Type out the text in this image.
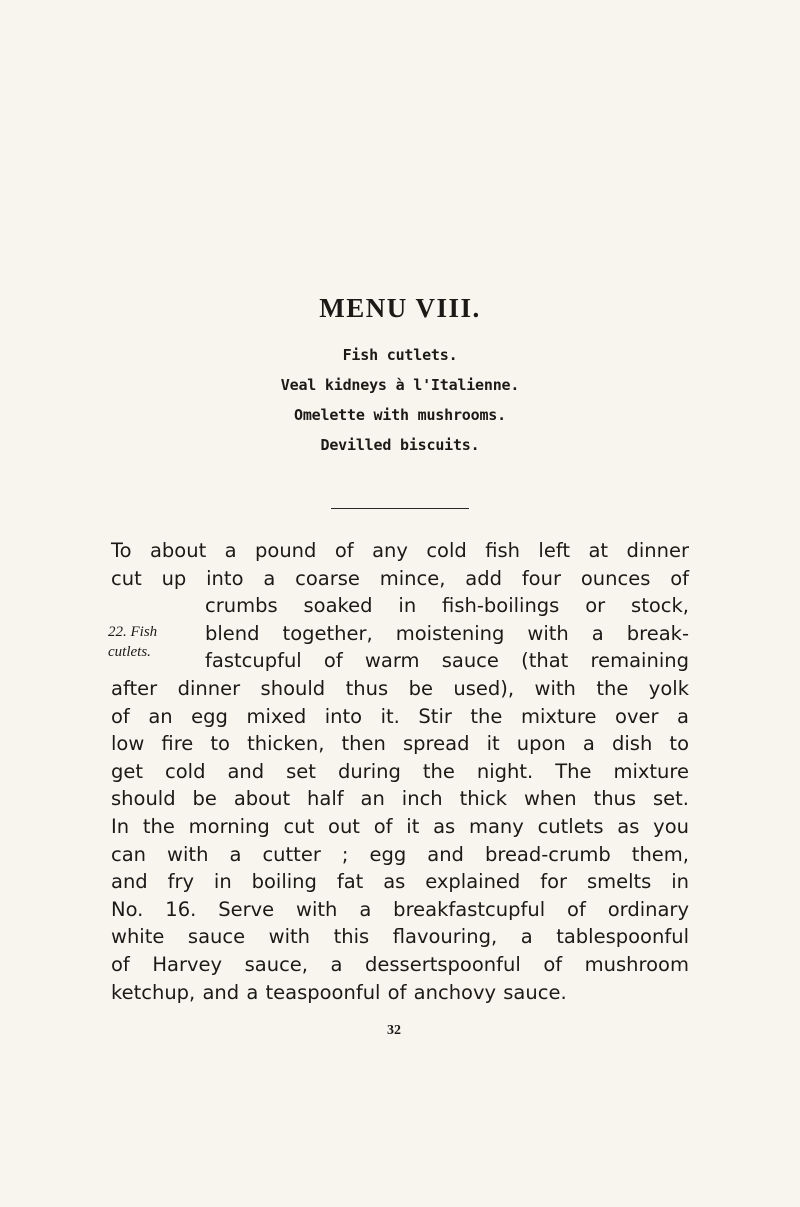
MENU VIII.
Fish cutlets.
Veal kidneys à l'Italienne.
Omelette with mushrooms.
Devilled biscuits.
To about a pound of any cold fish left at dinner
cut up into a coarse mince, add four ounces of
22. Fish
cutlets.
crumbs soaked in fish-boilings or stock,
blend together, moistening with a break-
fastcupful of warm sauce (that remaining
after dinner should thus be used), with the yolk
of an egg mixed into it. Stir the mixture over a
low fire to thicken, then spread it upon a dish to
get cold and set during the night. The mixture
should be about half an inch thick when thus set.
In the morning cut out of it as many cutlets as you
can with a cutter ; egg and bread-crumb them,
and fry in boiling fat as explained for smelts in
No. 16. Serve with a breakfastcupful of ordinary
white sauce with this flavouring, a tablespoonful
of Harvey sauce, a dessertspoonful of mushroom
ketchup, and a teaspoonful of anchovy sauce.
32
